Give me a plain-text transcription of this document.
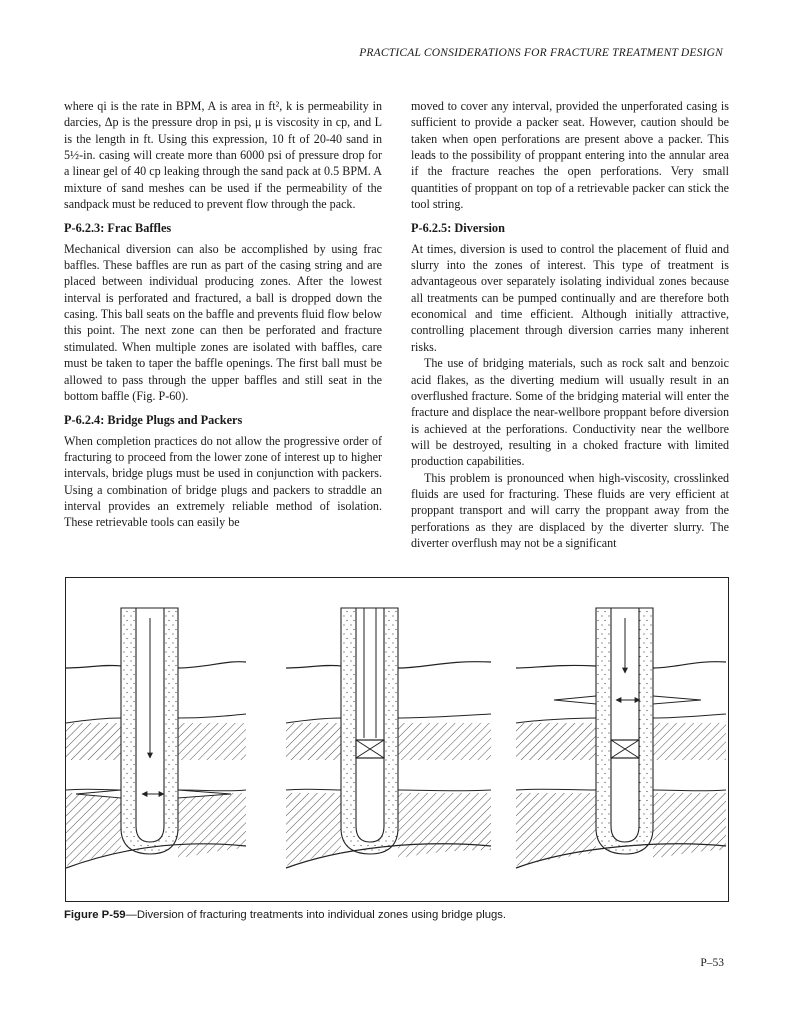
PRACTICAL CONSIDERATIONS FOR FRACTURE TREATMENT DESIGN

where qi is the rate in BPM, A is area in ft², k is permeability in darcies, Δp is the pressure drop in psi, μ is viscosity in cp, and L is the length in ft. Using this expression, 10 ft of 20-40 sand in 5½-in. casing will create more than 6000 psi of pressure drop for a linear gel of 40 cp leaking through the sand pack at 0.5 BPM. A mixture of sand meshes can be used if the permeability of the sandpack must be reduced to prevent flow through the pack.

P-6.2.3: Frac Baffles

Mechanical diversion can also be accomplished by using frac baffles. These baffles are run as part of the casing string and are placed between individual producing zones. After the lowest interval is perforated and fractured, a ball is dropped down the casing. This ball seats on the baffle and prevents fluid flow below this point. The next zone can then be perforated and fracture stimulated. When multiple zones are isolated with baffles, care must be taken to taper the baffle openings. The first ball must be allowed to pass through the upper baffles and still seat in the bottom baffle (Fig. P-60).

P-6.2.4: Bridge Plugs and Packers

When completion practices do not allow the progressive order of fracturing to proceed from the lower zone of interest up to higher intervals, bridge plugs must be used in conjunction with packers. Using a combination of bridge plugs and packers to straddle an interval provides an extremely reliable method of isolation. These retrievable tools can easily be

moved to cover any interval, provided the unperforated casing is sufficient to provide a packer seat. However, caution should be taken when open perforations are present above a packer. This leads to the possibility of proppant entering into the annular area if the fracture reaches the open perforations. Very small quantities of proppant on top of a retrievable packer can stick the tool string.

P-6.2.5: Diversion

At times, diversion is used to control the placement of fluid and slurry into the zones of interest. This type of treatment is advantageous over separately isolating individual zones because all treatments can be pumped continually and are therefore both economical and time efficient. Although initially attractive, controlling placement through diversion carries many inherent risks.

The use of bridging materials, such as rock salt and benzoic acid flakes, as the diverting medium will usually result in an overflushed fracture. Some of the bridging material will enter the fracture and displace the near-wellbore proppant before diversion is achieved at the perforations. Conductivity near the wellbore will be destroyed, resulting in a choked fracture with limited production capabilities.

This problem is pronounced when high-viscosity, crosslinked fluids are used for fracturing. These fluids are very efficient at proppant transport and will carry the proppant away from the perforations as they are displaced by the diverter slurry. The diverter overflush may not be a significant

Figure P-59—Diversion of fracturing treatments into individual zones using bridge plugs.
P–53
